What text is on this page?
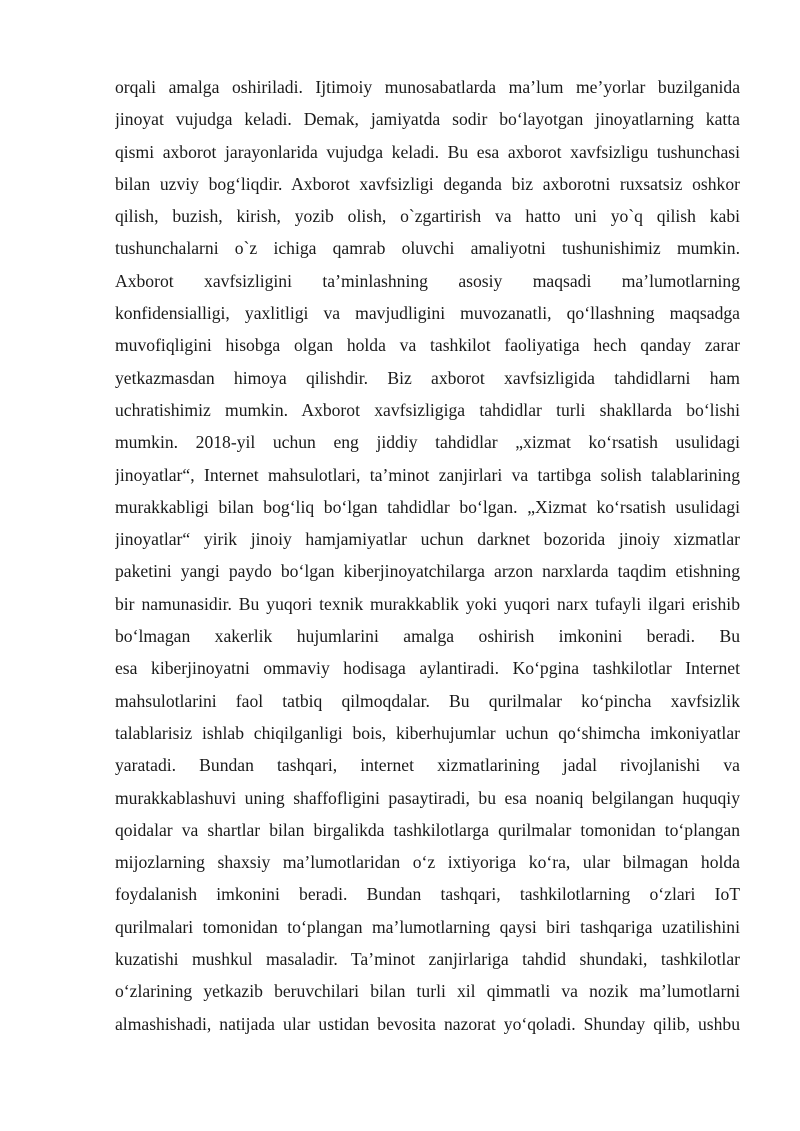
orqali amalga oshiriladi. Ijtimoiy munosabatlarda ma’lum me’yorlar buzilganida
jinoyat vujudga keladi. Demak, jamiyatda sodir bo‘layotgan jinoyatlarning katta
qismi axborot jarayonlarida vujudga keladi. Bu esa axborot xavfsizligu tushunchasi
bilan uzviy bog‘liqdir. Axborot xavfsizligi deganda biz axborotni ruxsatsiz oshkor
qilish, buzish, kirish, yozib olish, o`zgartirish va hatto uni yo`q qilish kabi
tushunchalarni o`z ichiga qamrab oluvchi amaliyotni tushunishimiz mumkin.
Axborot xavfsizligini ta’minlashning asosiy maqsadi ma’lumotlarning
konfidensialligi, yaxlitligi va mavjudligini muvozanatli, qo‘llashning maqsadga
muvofiqligini hisobga olgan holda va tashkilot faoliyatiga hech qanday zarar
yetkazmasdan himoya qilishdir. Biz axborot xavfsizligida tahdidlarni ham
uchratishimiz mumkin. Axborot xavfsizligiga tahdidlar turli shakllarda bo‘lishi
mumkin. 2018-yil uchun eng jiddiy tahdidlar „xizmat ko‘rsatish usulidagi
jinoyatlar“, Internet mahsulotlari, ta’minot zanjirlari va tartibga solish talablarining
murakkabligi bilan bog‘liq bo‘lgan tahdidlar bo‘lgan. „Xizmat ko‘rsatish usulidagi
jinoyatlar“ yirik jinoiy hamjamiyatlar uchun darknet bozorida jinoiy xizmatlar
paketini yangi paydo bo‘lgan kiberjinoyatchilarga arzon narxlarda taqdim etishning
bir namunasidir. Bu yuqori texnik murakkablik yoki yuqori narx tufayli ilgari erishib
bo‘lmagan xakerlik hujumlarini amalga oshirish imkonini beradi. Bu
esa kiberjinoyatni ommaviy hodisaga aylantiradi. Ko‘pgina tashkilotlar Internet
mahsulotlarini faol tatbiq qilmoqdalar. Bu qurilmalar ko‘pincha xavfsizlik
talablarisiz ishlab chiqilganligi bois, kiberhujumlar uchun qo‘shimcha imkoniyatlar
yaratadi. Bundan tashqari, internet xizmatlarining jadal rivojlanishi va
murakkablashuvi uning shaffofligini pasaytiradi, bu esa noaniq belgilangan huquqiy
qoidalar va shartlar bilan birgalikda tashkilotlarga qurilmalar tomonidan to‘plangan
mijozlarning shaxsiy ma’lumotlaridan o‘z ixtiyoriga ko‘ra, ular bilmagan holda
foydalanish imkonini beradi. Bundan tashqari, tashkilotlarning o‘zlari IoT
qurilmalari tomonidan to‘plangan ma’lumotlarning qaysi biri tashqariga uzatilishini
kuzatishi mushkul masaladir. Ta’minot zanjirlariga tahdid shundaki, tashkilotlar
o‘zlarining yetkazib beruvchilari bilan turli xil qimmatli va nozik ma’lumotlarni
almashishadi, natijada ular ustidan bevosita nazorat yo‘qoladi. Shunday qilib, ushbu
